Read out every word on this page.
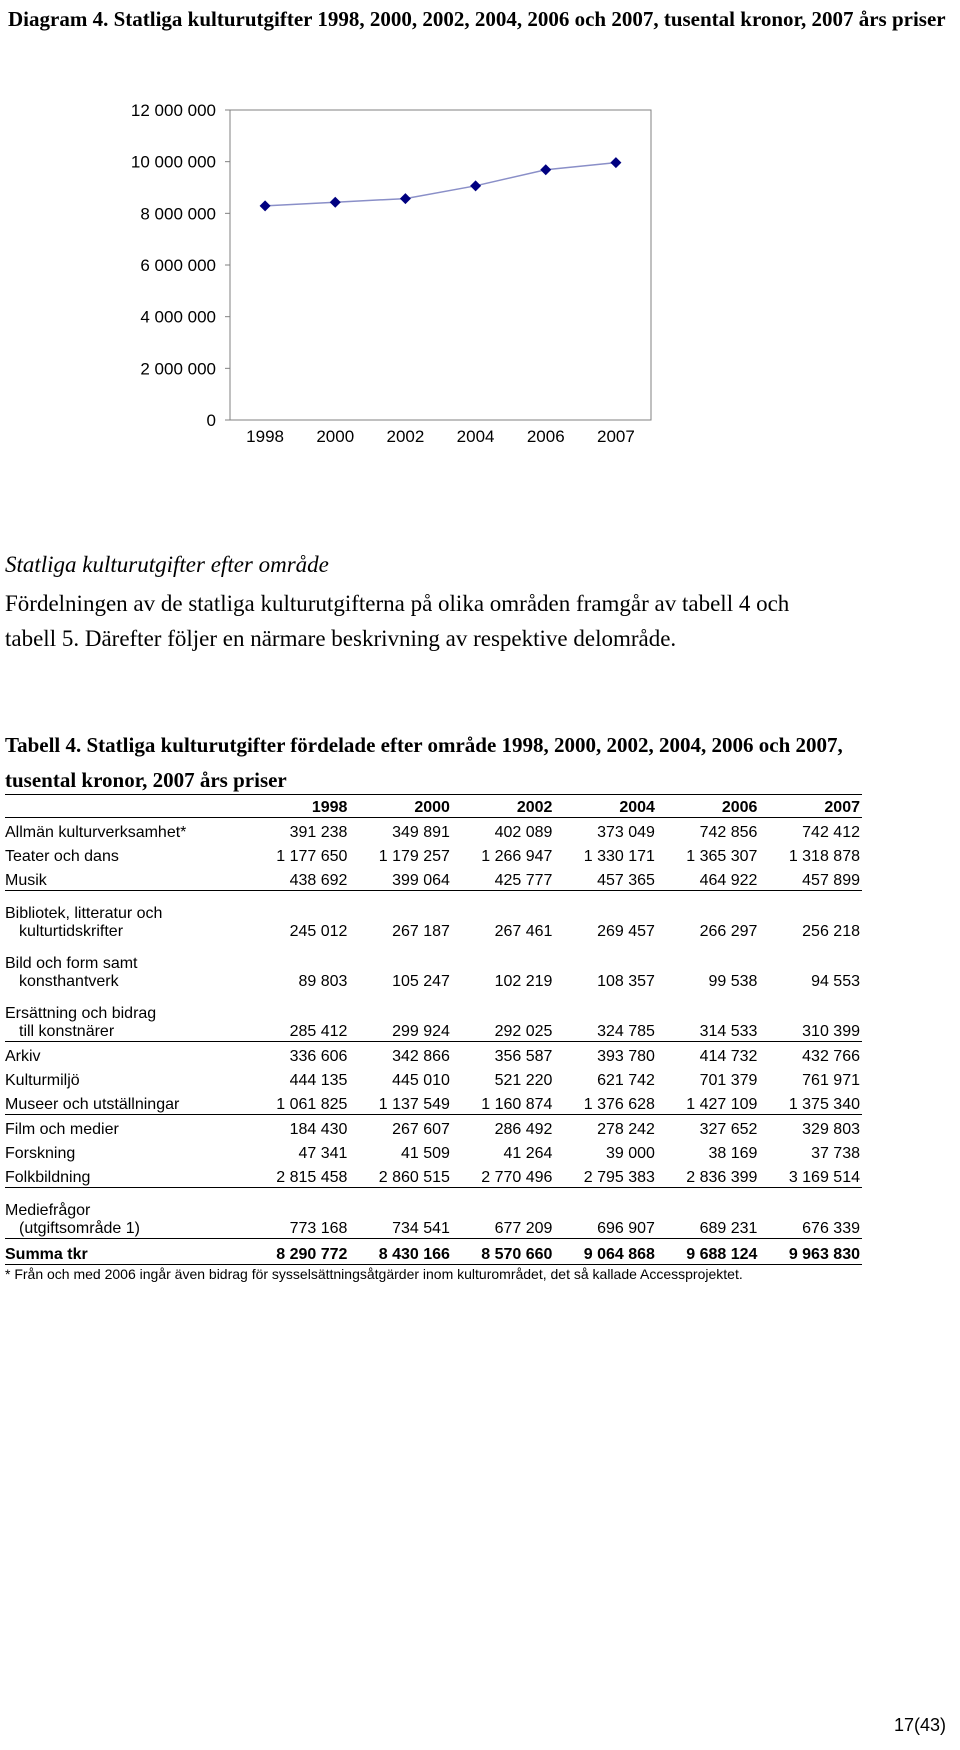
Diagram 4. Statliga kulturutgifter 1998, 2000, 2002, 2004, 2006 och 2007, tusental kronor, 2007 års priser

0
2 000 000
4 000 000
6 000 000
8 000 000
10 000 000
12 000 000
1998 2000 2002 2004 2006 2007

Statliga kulturutgifter efter område

Fördelningen av de statliga kulturutgifterna på olika områden framgår av tabell 4 och tabell 5. Därefter följer en närmare beskrivning av respektive delområde.

Tabell 4. Statliga kulturutgifter fördelade efter område 1998, 2000, 2002, 2004, 2006 och 2007, tusental kronor, 2007 års priser

	1998	2000	2002	2004	2006	2007

Allmän kulturverksamhet*	391 238	349 891	402 089	373 049	742 856	742 412

Teater och dans	1 177 650	1 179 257	1 266 947	1 330 171	1 365 307	1 318 878

Musik	438 692	399 064	425 777	457 365	464 922	457 899

Bibliotek, litteratur och
kulturtidskrifter	245 012	267 187	267 461	269 457	266 297	256 218

Bild och form samt
konsthantverk	89 803	105 247	102 219	108 357	99 538	94 553

Ersättning och bidrag
till konstnärer	285 412	299 924	292 025	324 785	314 533	310 399

Arkiv	336 606	342 866	356 587	393 780	414 732	432 766

Kulturmiljö	444 135	445 010	521 220	621 742	701 379	761 971

Museer och utställningar	1 061 825	1 137 549	1 160 874	1 376 628	1 427 109	1 375 340

Film och medier	184 430	267 607	286 492	278 242	327 652	329 803

Forskning	47 341	41 509	41 264	39 000	38 169	37 738

Folkbildning	2 815 458	2 860 515	2 770 496	2 795 383	2 836 399	3 169 514

Mediefrågor
(utgiftsområde 1)	773 168	734 541	677 209	696 907	689 231	676 339
Summa tkr	8 290 772	8 430 166	8 570 660	9 064 868	9 688 124	9 963 830

* Från och med 2006 ingår även bidrag för sysselsättningsåtgärder inom kulturområdet, det så kallade Accessprojektet.

17(43)
